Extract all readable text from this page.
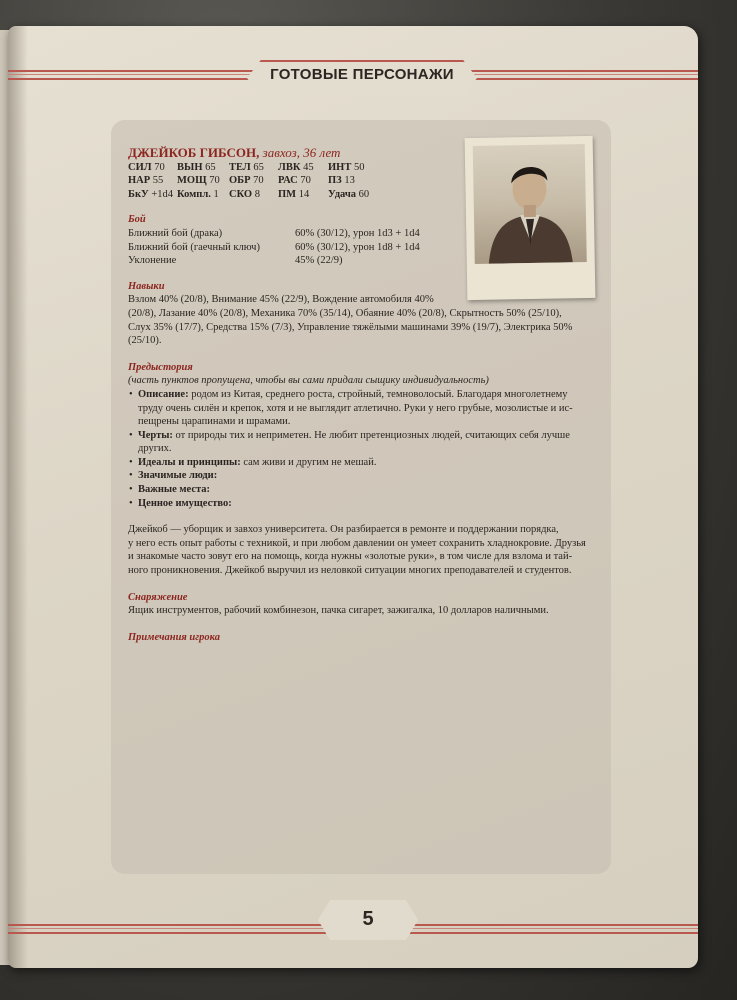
ГОТОВЫЕ ПЕРСОНАЖИ
ДЖЕЙКОБ ГИБСОН, завхоз, 36 лет
СИЛ 70	ВЫН 65	ТЕЛ 65	ЛВК 45	ИНТ 50
НАР 55	МОЩ 70	ОБР 70	РАС 70	ПЗ 13
БкУ +1d4	Компл. 1	СКО 8	ПМ 14	Удача 60
Бой
Ближний бой (драка)	60% (30/12), урон 1d3 + 1d4
Ближний бой (гаечный ключ)	60% (30/12), урон 1d8 + 1d4
Уклонение	45% (22/9)
Навыки
Взлом 40% (20/8), Внимание 45% (22/9), Вождение автомобиля 40%
(20/8), Лазание 40% (20/8), Механика 70% (35/14), Обаяние 40% (20/8), Скрытность 50% (25/10),
Слух 35% (17/7), Средства 15% (7/3), Управление тяжёлыми машинами 39% (19/7), Электрика 50%
(25/10).
Предыстория
(часть пунктов пропущена, чтобы вы сами придали сыщику индивидуальность)
• Описание: родом из Китая, среднего роста, стройный, темноволосый. Благодаря многолетнему
труду очень силён и крепок, хотя и не выглядит атлетично. Руки у него грубые, мозолистые и ис-
пещрены царапинами и шрамами.
• Черты: от природы тих и неприметен. Не любит претенциозных людей, считающих себя лучше
других.
• Идеалы и принципы: сам живи и другим не мешай.
• Значимые люди:
• Важные места:
• Ценное имущество:
Джейкоб — уборщик и завхоз университета. Он разбирается в ремонте и поддержании порядка,
у него есть опыт работы с техникой, и при любом давлении он умеет сохранить хладнокровие. Друзья
и знакомые часто зовут его на помощь, когда нужны «золотые руки», в том числе для взлома и тай-
ного проникновения. Джейкоб выручил из неловкой ситуации многих преподавателей и студентов.
Снаряжение
Ящик инструментов, рабочий комбинезон, пачка сигарет, зажигалка, 10 долларов наличными.
Примечания игрока
5
